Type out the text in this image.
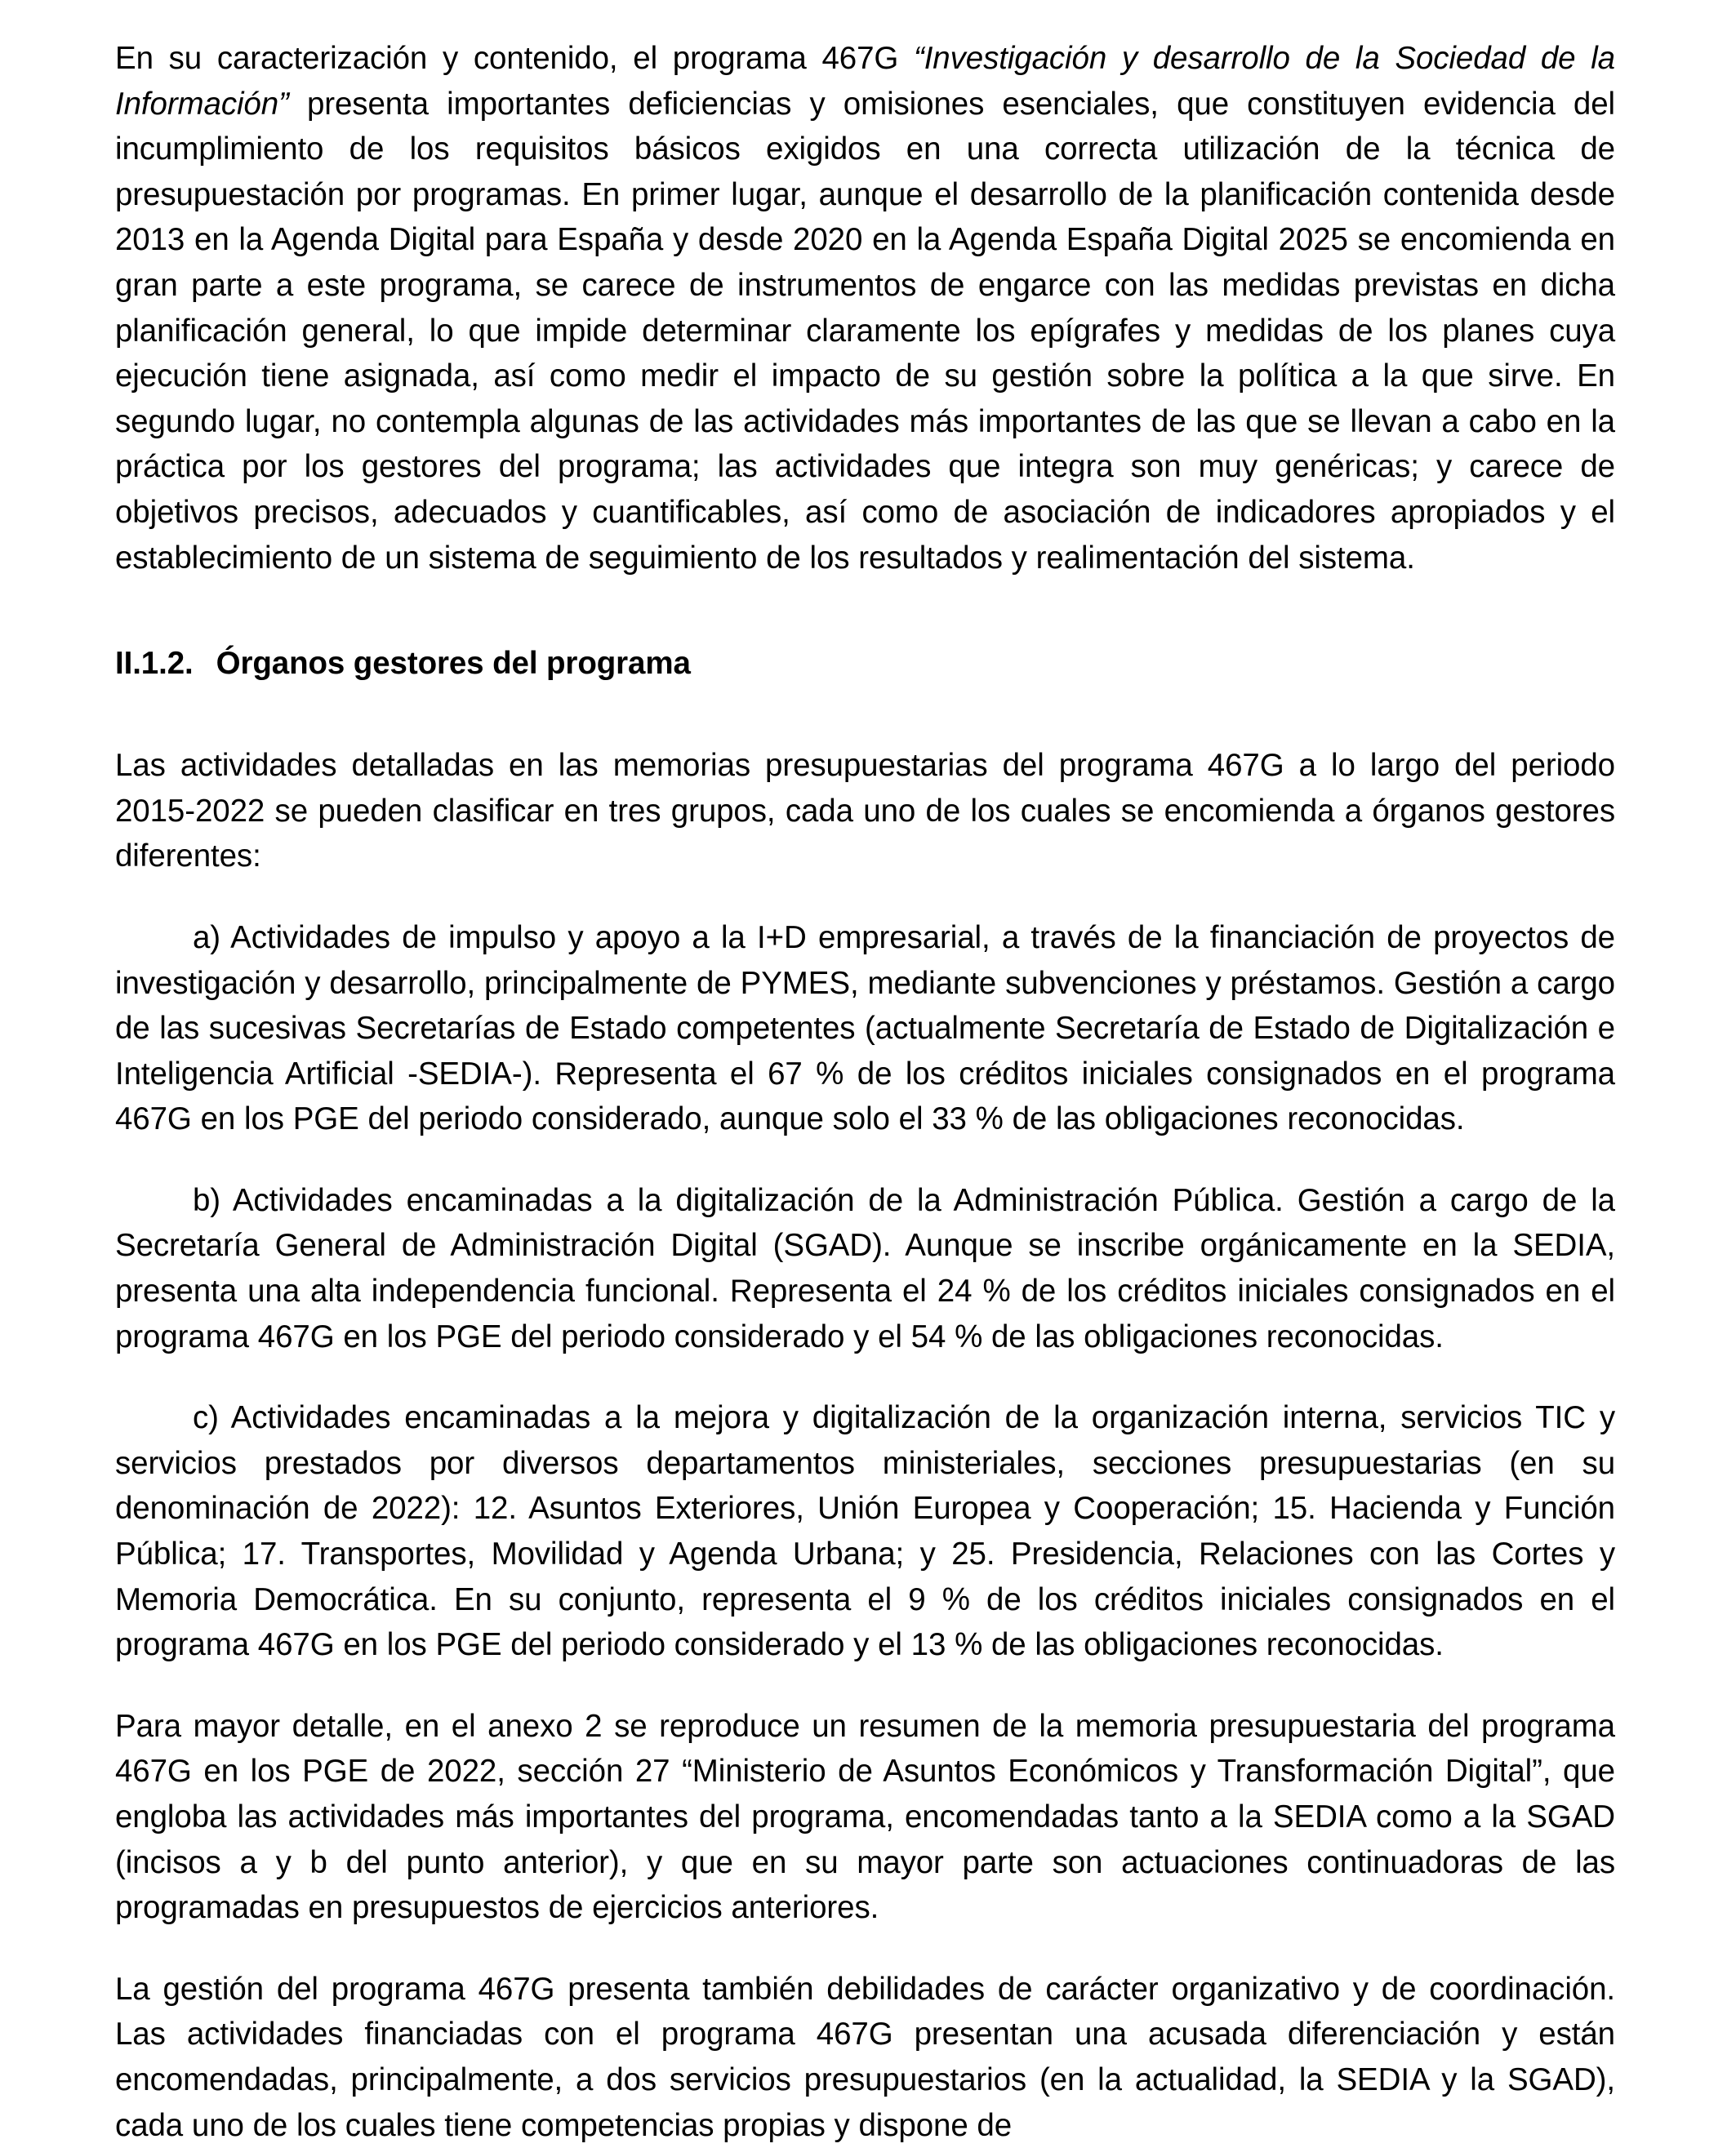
En su caracterización y contenido, el programa 467G “Investigación y desarrollo de la Sociedad de la Información” presenta importantes deficiencias y omisiones esenciales, que constituyen evidencia del incumplimiento de los requisitos básicos exigidos en una correcta utilización de la técnica de presupuestación por programas. En primer lugar, aunque el desarrollo de la planificación contenida desde 2013 en la Agenda Digital para España y desde 2020 en la Agenda España Digital 2025 se encomienda en gran parte a este programa, se carece de instrumentos de engarce con las medidas previstas en dicha planificación general, lo que impide determinar claramente los epígrafes y medidas de los planes cuya ejecución tiene asignada, así como medir el impacto de su gestión sobre la política a la que sirve. En segundo lugar, no contempla algunas de las actividades más importantes de las que se llevan a cabo en la práctica por los gestores del programa; las actividades que integra son muy genéricas; y carece de objetivos precisos, adecuados y cuantificables, así como de asociación de indicadores apropiados y el establecimiento de un sistema de seguimiento de los resultados y realimentación del sistema.

II.1.2. Órganos gestores del programa

Las actividades detalladas en las memorias presupuestarias del programa 467G a lo largo del periodo 2015-2022 se pueden clasificar en tres grupos, cada uno de los cuales se encomienda a órganos gestores diferentes:

a) Actividades de impulso y apoyo a la I+D empresarial, a través de la financiación de proyectos de investigación y desarrollo, principalmente de PYMES, mediante subvenciones y préstamos. Gestión a cargo de las sucesivas Secretarías de Estado competentes (actualmente Secretaría de Estado de Digitalización e Inteligencia Artificial -SEDIA-). Representa el 67 % de los créditos iniciales consignados en el programa 467G en los PGE del periodo considerado, aunque solo el 33 % de las obligaciones reconocidas.

b) Actividades encaminadas a la digitalización de la Administración Pública. Gestión a cargo de la Secretaría General de Administración Digital (SGAD). Aunque se inscribe orgánicamente en la SEDIA, presenta una alta independencia funcional. Representa el 24 % de los créditos iniciales consignados en el programa 467G en los PGE del periodo considerado y el 54 % de las obligaciones reconocidas.

c) Actividades encaminadas a la mejora y digitalización de la organización interna, servicios TIC y servicios prestados por diversos departamentos ministeriales, secciones presupuestarias (en su denominación de 2022): 12. Asuntos Exteriores, Unión Europea y Cooperación; 15. Hacienda y Función Pública; 17. Transportes, Movilidad y Agenda Urbana; y 25. Presidencia, Relaciones con las Cortes y Memoria Democrática. En su conjunto, representa el 9 % de los créditos iniciales consignados en el programa 467G en los PGE del periodo considerado y el 13 % de las obligaciones reconocidas.

Para mayor detalle, en el anexo 2 se reproduce un resumen de la memoria presupuestaria del programa 467G en los PGE de 2022, sección 27 “Ministerio de Asuntos Económicos y Transformación Digital”, que engloba las actividades más importantes del programa, encomendadas tanto a la SEDIA como a la SGAD (incisos a y b del punto anterior), y que en su mayor parte son actuaciones continuadoras de las programadas en presupuestos de ejercicios anteriores.

La gestión del programa 467G presenta también debilidades de carácter organizativo y de coordinación. Las actividades financiadas con el programa 467G presentan una acusada diferenciación y están encomendadas, principalmente, a dos servicios presupuestarios (en la actualidad, la SEDIA y la SGAD), cada uno de los cuales tiene competencias propias y dispone de
